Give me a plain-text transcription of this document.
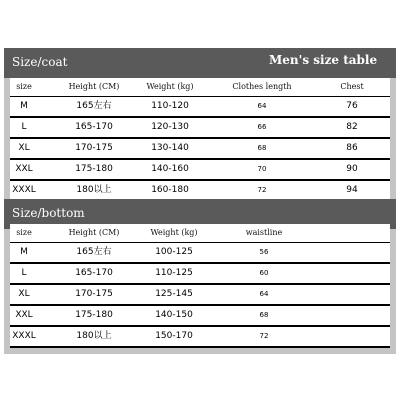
Size/coat	Men's size table
size	Height (CM)	Weight (kg)	Clothes length	Chest
M	165左右	110-120	64	76
L	165-170	120-130	66	82
XL	170-175	130-140	68	86
XXL	175-180	140-160	70	90
XXXL	180以上	160-180	72	94
Size/bottom
size	Height (CM)	Weight (kg)	waistline
M	165左右	100-125	56
L	165-170	110-125	60
XL	170-175	125-145	64
XXL	175-180	140-150	68
XXXL	180以上	150-170	72
